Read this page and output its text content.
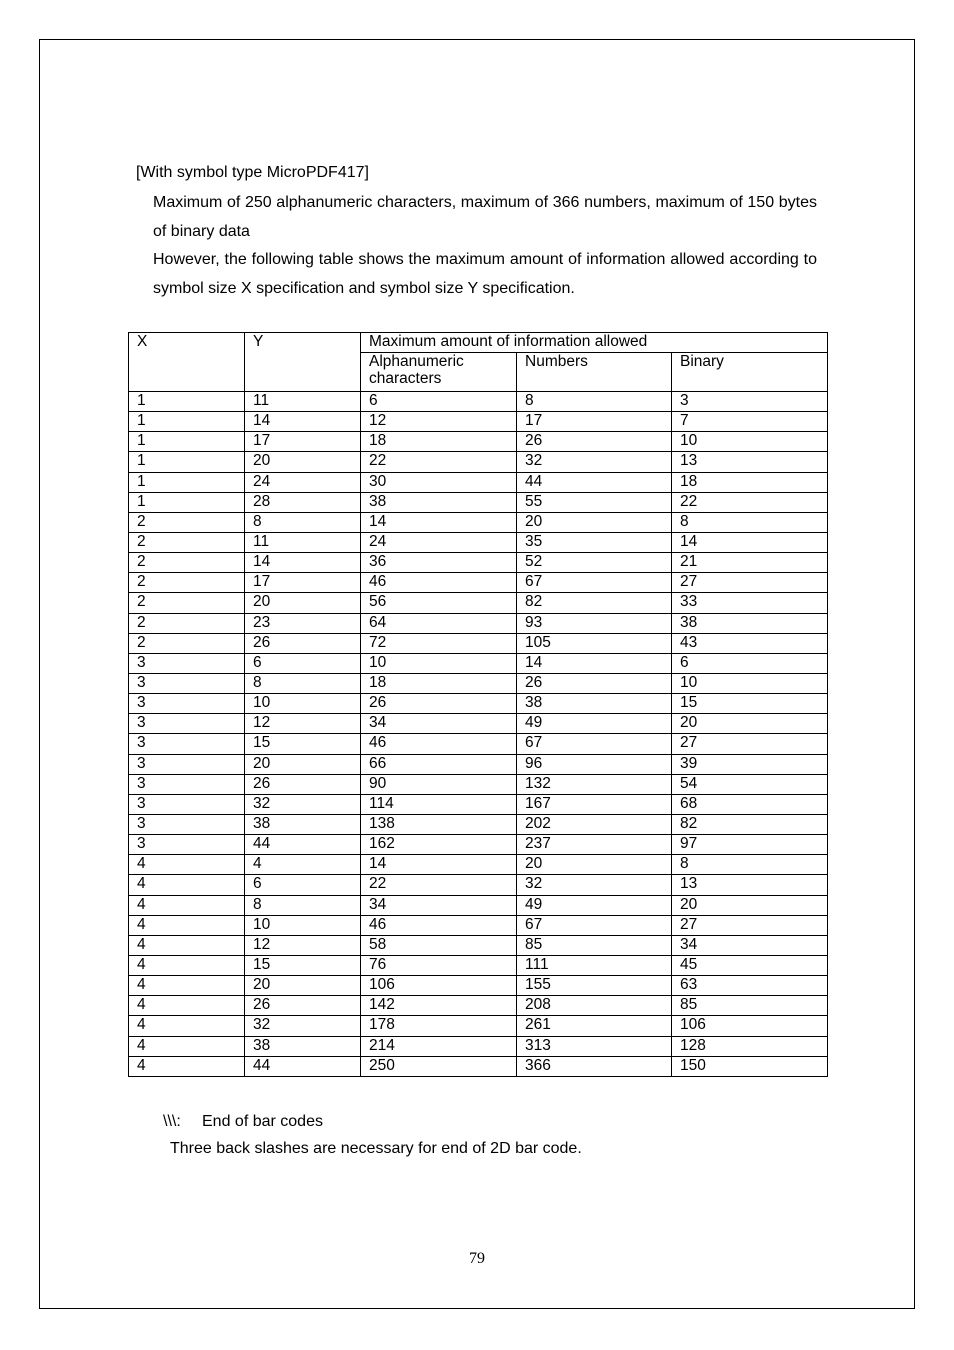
[With symbol type MicroPDF417]

Maximum of 250 alphanumeric characters, maximum of 366 numbers, maximum of 150 bytes of binary data

However, the following table shows the maximum amount of information allowed according to symbol size X specification and symbol size Y specification.

X	Y	Maximum amount of information allowed		
		Alphanumeric characters	Numbers	Binary
1	11	6	8	3
1	14	12	17	7
1	17	18	26	10
1	20	22	32	13
1	24	30	44	18
1	28	38	55	22
2	8	14	20	8
2	11	24	35	14
2	14	36	52	21
2	17	46	67	27
2	20	56	82	33
2	23	64	93	38
2	26	72	105	43
3	6	10	14	6
3	8	18	26	10
3	10	26	38	15
3	12	34	49	20
3	15	46	67	27
3	20	66	96	39
3	26	90	132	54
3	32	114	167	68
3	38	138	202	82
3	44	162	237	97
4	4	14	20	8
4	6	22	32	13
4	8	34	49	20
4	10	46	67	27
4	12	58	85	34
4	15	76	111	45
4	20	106	155	63
4	26	142	208	85
4	32	178	261	106
4	38	214	313	128
4	44	250	366	150
\\\: End of bar codes

Three back slashes are necessary for end of 2D bar code.

79
